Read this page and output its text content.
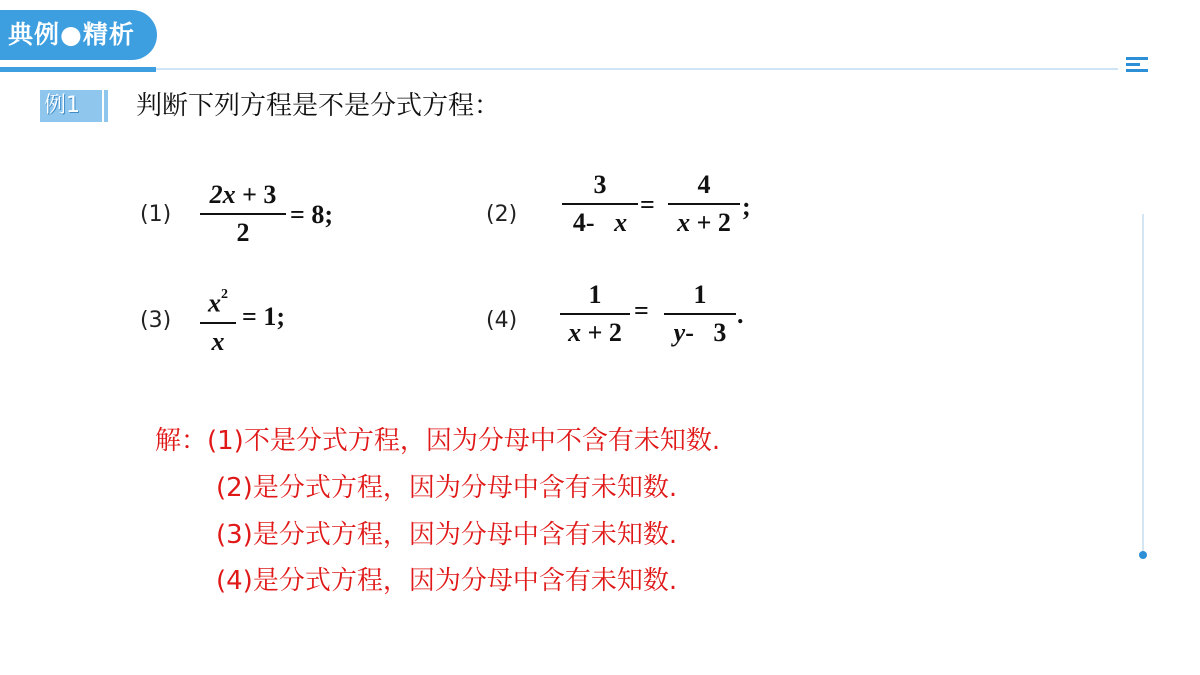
典例●精析
例1	判断下列方程是不是分式方程：
(1)
2x + 3
2
= 8;	(2)
3
4-   x
=
4
x + 2
;
(3)
$x^2$
x
= 1;	(4)
1
x + 2
=
1
y-   3
.
解：(1)不是分式方程，因为分母中不含有未知数.
(2)是分式方程，因为分母中含有未知数.
(3)是分式方程，因为分母中含有未知数.
(4)是分式方程，因为分母中含有未知数.
